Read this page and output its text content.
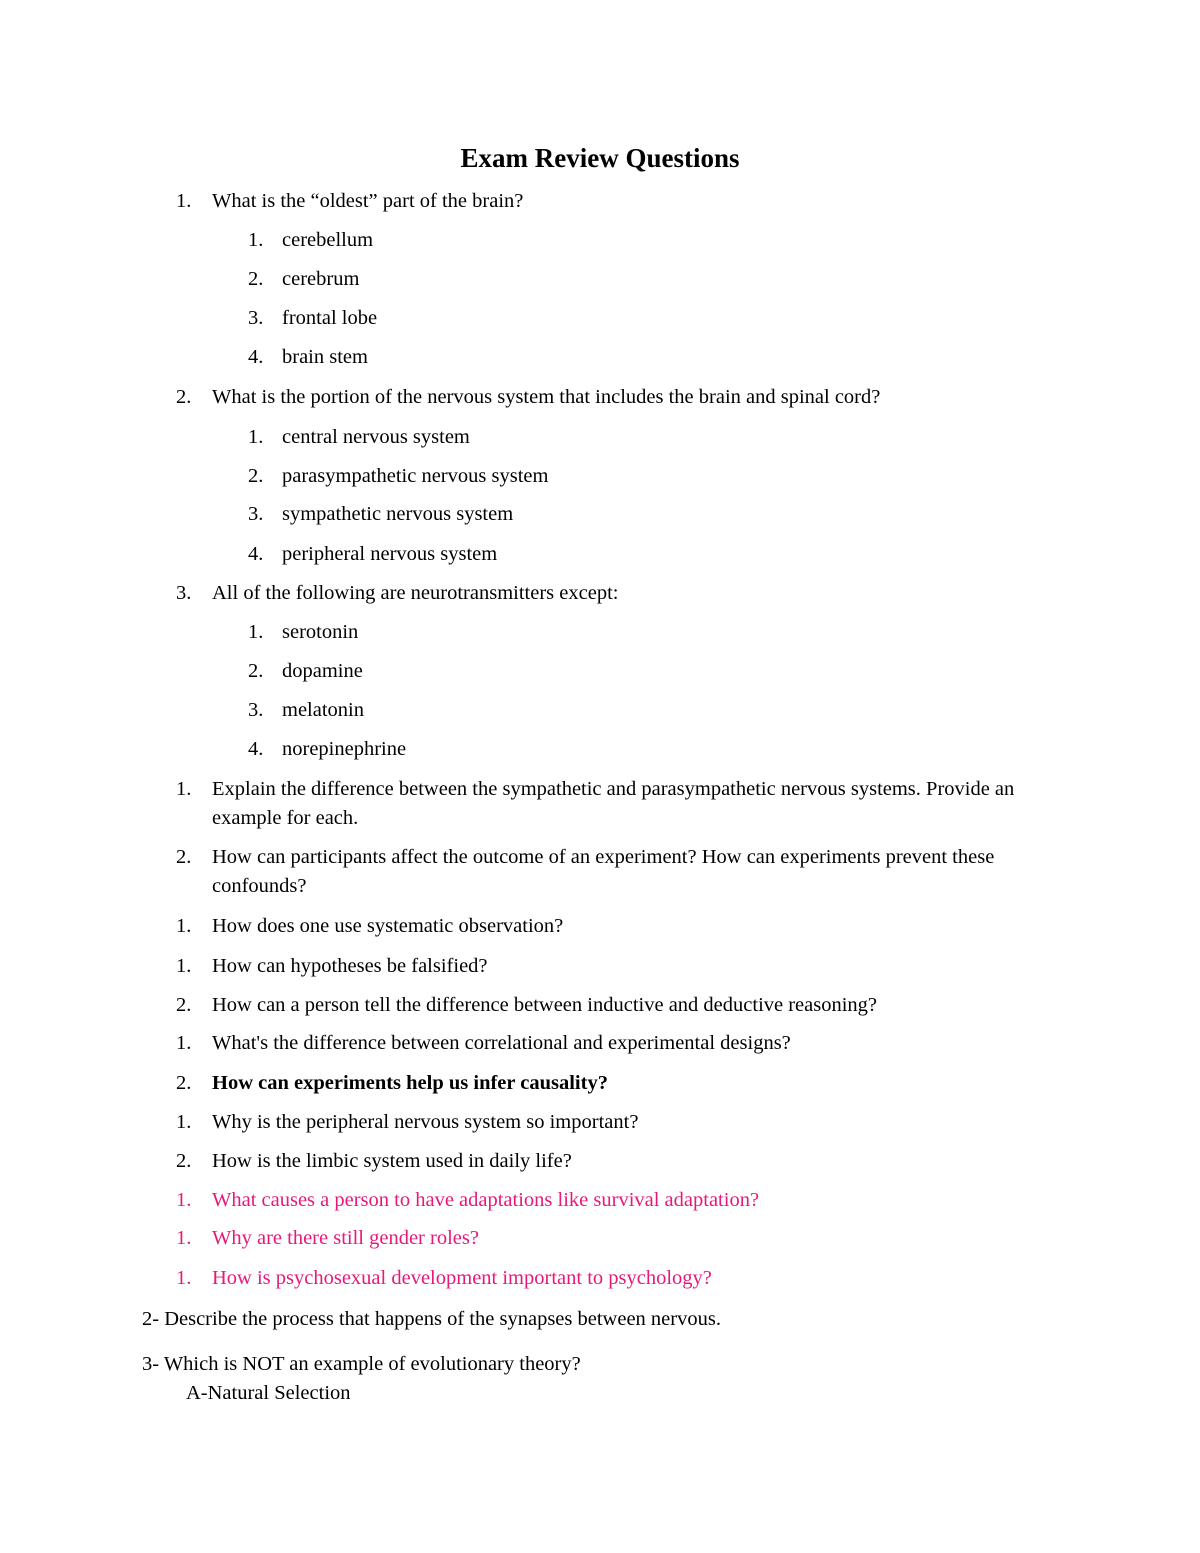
Exam Review Questions
1. What is the “oldest” part of the brain?
1. cerebellum
2. cerebrum
3. frontal lobe
4. brain stem
2. What is the portion of the nervous system that includes the brain and spinal cord?
1. central nervous system
2. parasympathetic nervous system
3. sympathetic nervous system
4. peripheral nervous system
3. All of the following are neurotransmitters except:
1. serotonin
2. dopamine
3. melatonin
4. norepinephrine
1. Explain the difference between the sympathetic and parasympathetic nervous systems. Provide an example for each.
2. How can participants affect the outcome of an experiment? How can experiments prevent these confounds?
1. How does one use systematic observation?
1. How can hypotheses be falsified?
2. How can a person tell the difference between inductive and deductive reasoning?
1. What's the difference between correlational and experimental designs?
2. How can experiments help us infer causality?
1. Why is the peripheral nervous system so important?
2. How is the limbic system used in daily life?
1. What causes a person to have adaptations like survival adaptation?
1. Why are there still gender roles?
1. How is psychosexual development important to psychology?
2- Describe the process that happens of the synapses between nervous.
3- Which is NOT an example of evolutionary theory?
A-Natural Selection
